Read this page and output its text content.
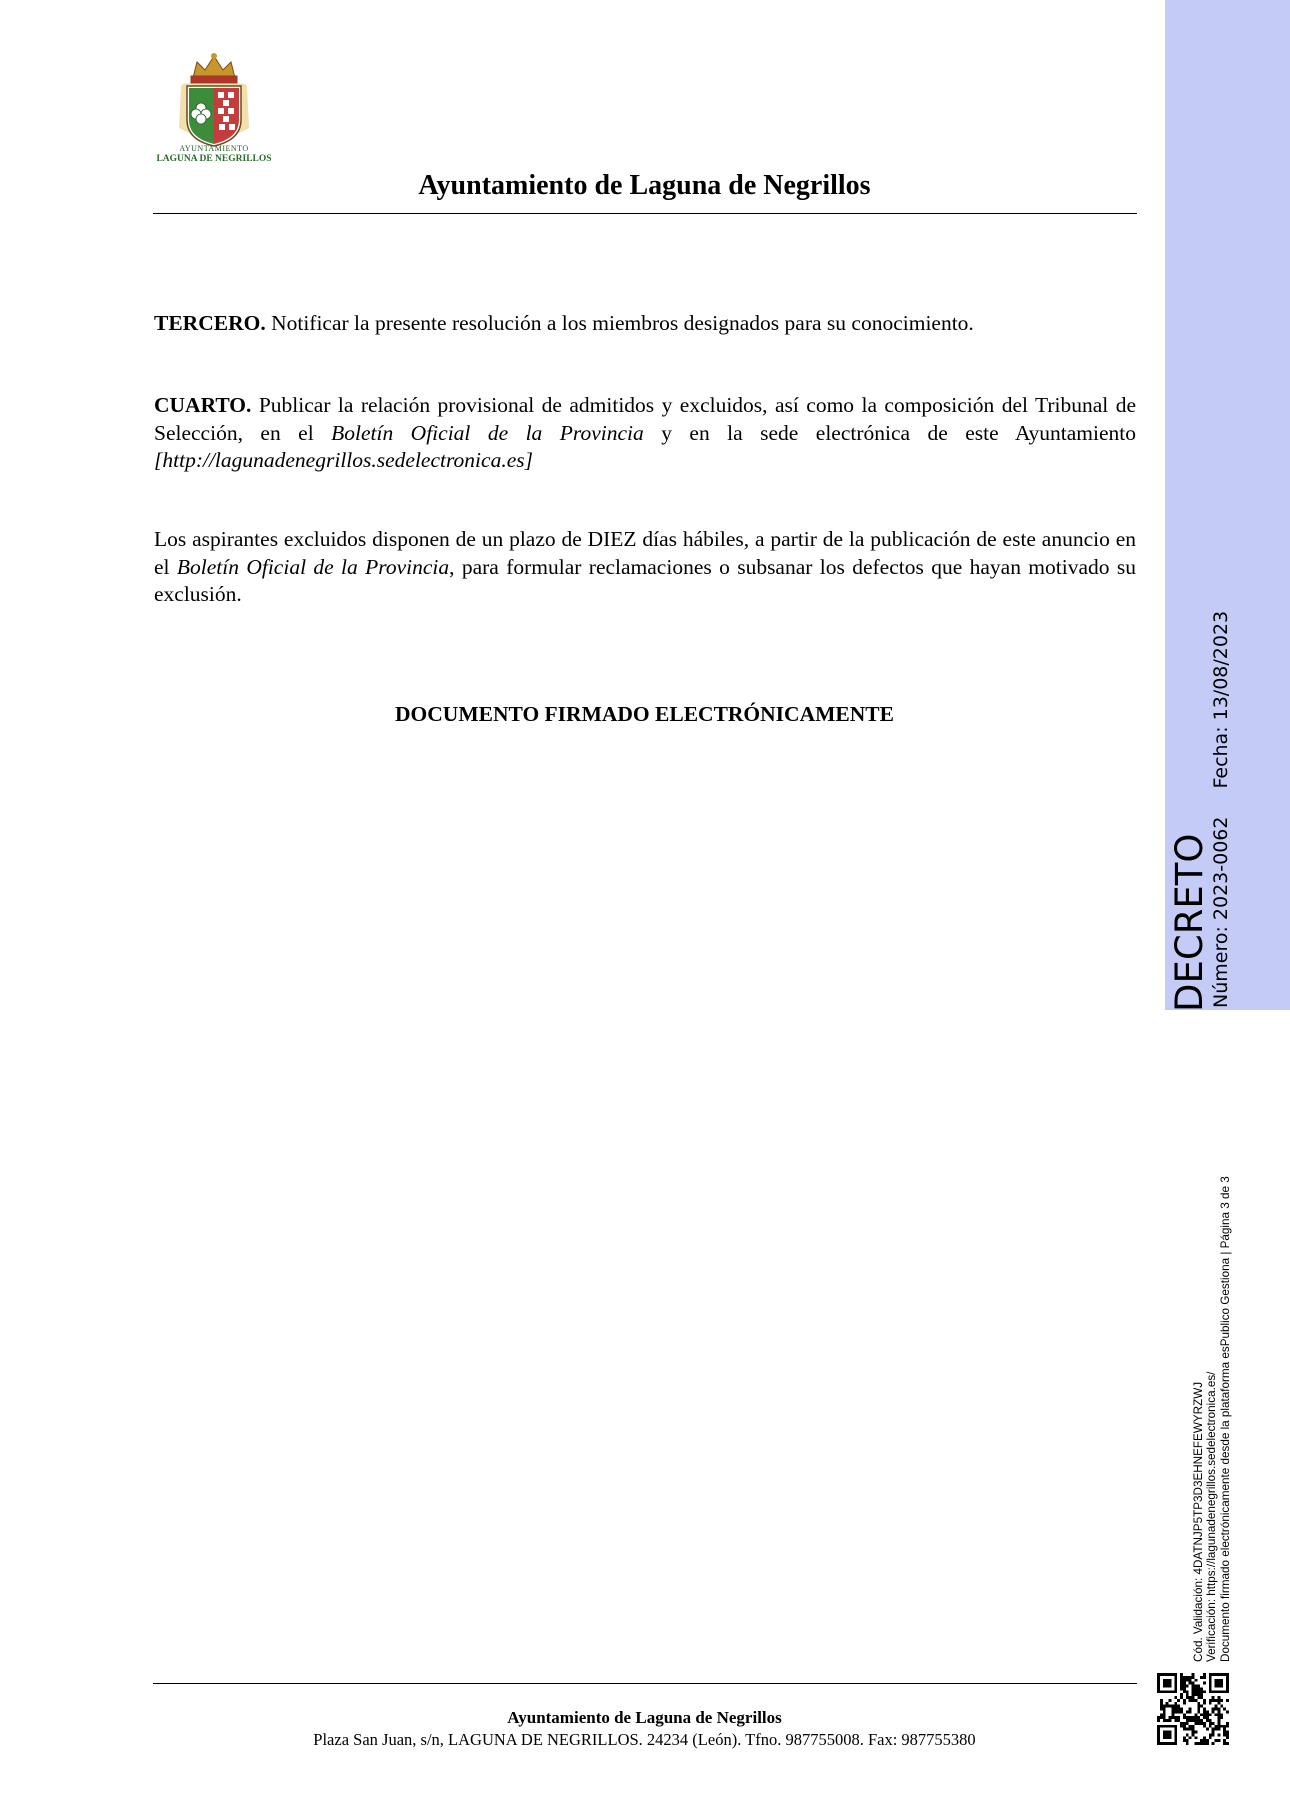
AYUNTAMIENTO
LAGUNA DE NEGRILLOS
Ayuntamiento de Laguna de Negrillos
TERCERO. Notificar la presente resolución a los miembros designados para su conocimiento.
CUARTO. Publicar la relación provisional de admitidos y excluidos, así como la composición del Tribunal de Selección, en el Boletín Oficial de la Provincia y en la sede electrónica de este Ayuntamiento [http://lagunadenegrillos.sedelectronica.es]
Los aspirantes excluidos disponen de un plazo de DIEZ días hábiles, a partir de la publicación de este anuncio en el Boletín Oficial de la Provincia, para formular reclamaciones o subsanar los defectos que hayan motivado su exclusión.
DOCUMENTO FIRMADO ELECTRÓNICAMENTE
DECRETO Número: 2023-0062Fecha: 13/08/2023
Cód. Validación: 4DATNJP5TP3D3EHNEFEWYRZWJ Verificación: https://lagunadenegrillos.sedelectronica.es/ Documento firmado electrónicamente desde la plataforma esPublico Gestiona | Página 3 de 3
Ayuntamiento de Laguna de Negrillos
Plaza San Juan, s/n, LAGUNA DE NEGRILLOS. 24234 (León). Tfno. 987755008. Fax: 987755380
